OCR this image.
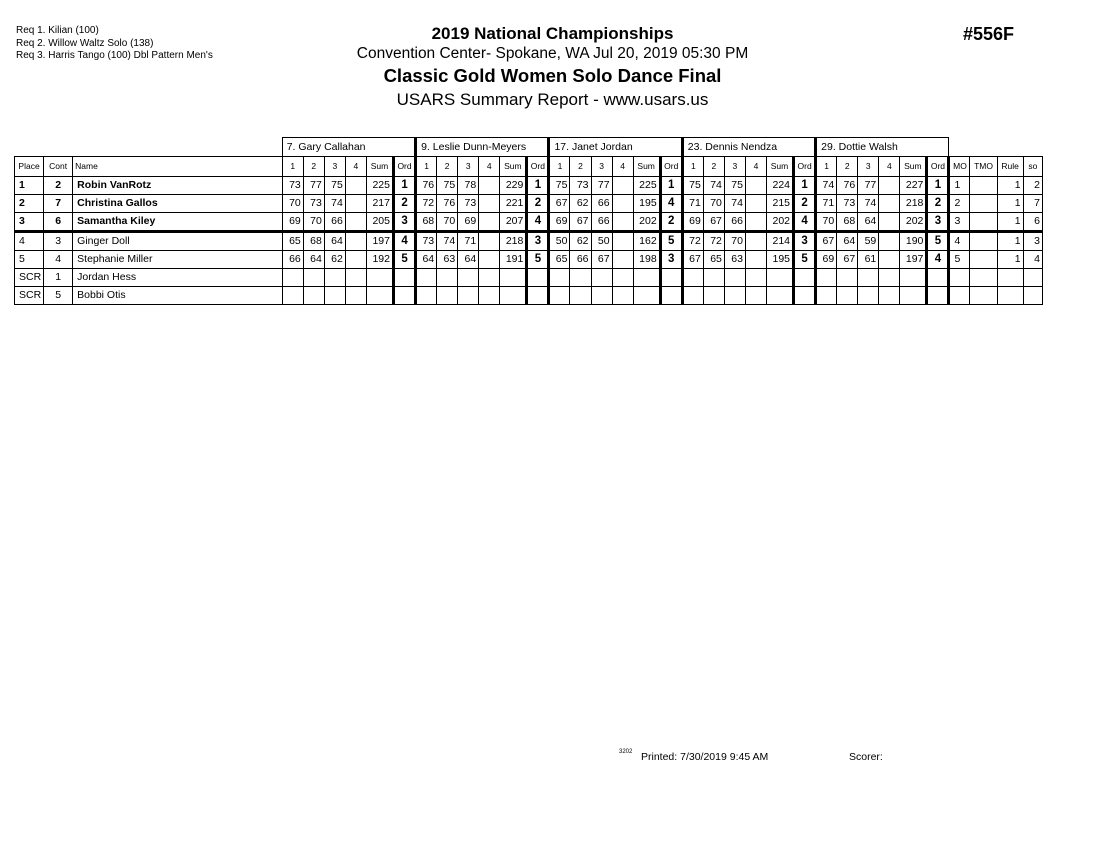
Req 1. Kilian (100)
Req 2. Willow Waltz Solo (138)
Req 3. Harris Tango (100) Dbl Pattern Men's
2019 National Championships
Convention Center- Spokane, WA Jul 20, 2019 05:30 PM
Classic Gold Women Solo Dance Final
USARS Summary Report - www.usars.us
#556F
			7. Gary Callahan						9. Leslie Dunn-Meyers						17. Janet Jordan						23. Dennis Nendza						29. Dottie Walsh									
Place	Cont	Name	1	2	3	4	Sum	Ord	1	2	3	4	Sum	Ord	1	2	3	4	Sum	Ord	1	2	3	4	Sum	Ord	1	2	3	4	Sum	Ord	MO	TMO	Rule	so
1	2	Robin VanRotz	73	77	75		225	1	76	75	78		229	1	75	73	77		225	1	75	74	75		224	1	74	76	77		227	1	1		1	2
2	7	Christina Gallos	70	73	74		217	2	72	76	73		221	2	67	62	66		195	4	71	70	74		215	2	71	73	74		218	2	2		1	7
3	6	Samantha Kiley	69	70	66		205	3	68	70	69		207	4	69	67	66		202	2	69	67	66		202	4	70	68	64		202	3	3		1	6
4	3	Ginger Doll	65	68	64		197	4	73	74	71		218	3	50	62	50		162	5	72	72	70		214	3	67	64	59		190	5	4		1	3
5	4	Stephanie Miller	66	64	62		192	5	64	63	64		191	5	65	66	67		198	3	67	65	63		195	5	69	67	61		197	4	5		1	4
SCR	1	Jordan Hess																																		
SCR	5	Bobbi Otis																																		
3202 Printed: 7/30/2019 9:45 AM	Scorer:
